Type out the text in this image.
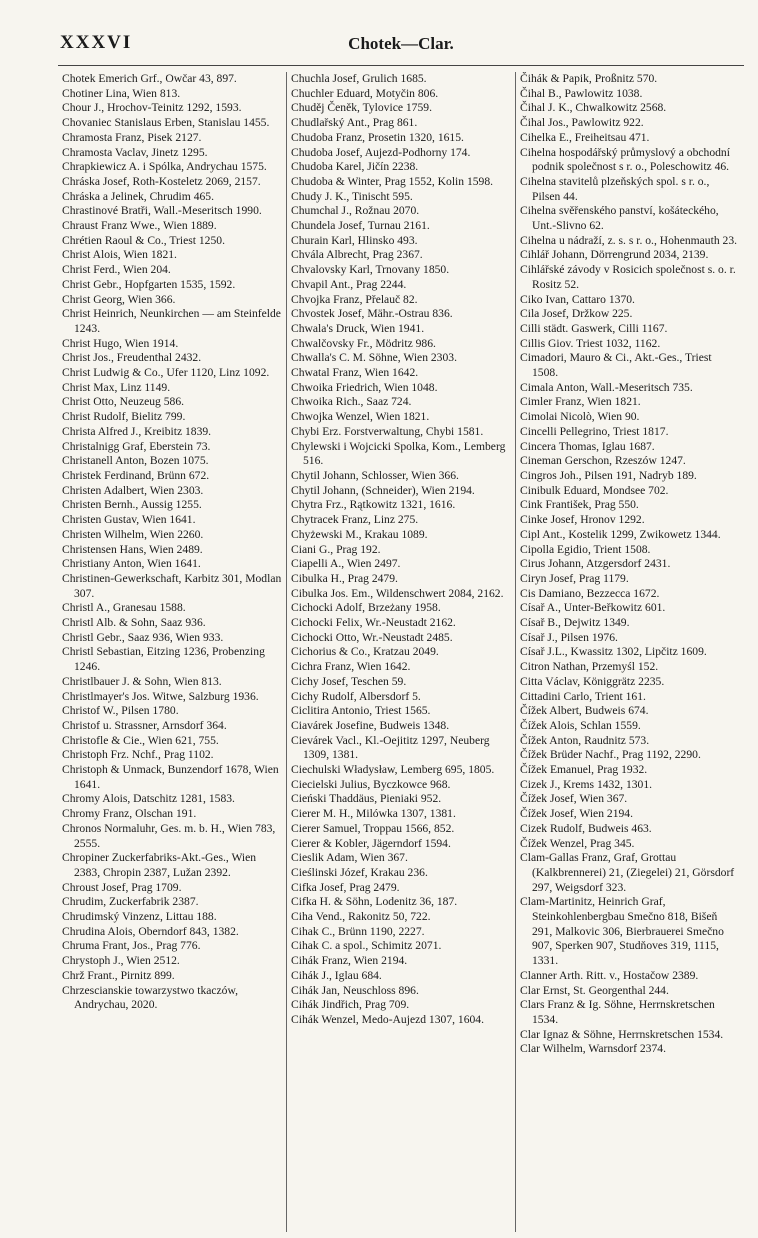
XXXVI	Chotek—Clar.

Chotek Emerich Grf., Owčar 43, 897.

Chotiner Lina, Wien 813.

Chour J., Hrochov-Teinitz 1292, 1593.

Chovaniec Stanislaus Erben, Stanislau 1455.

Chramosta Franz, Pisek 2127.

Chramosta Vaclav, Jinetz 1295.

Chrapkiewicz A. i Spólka, Andrychau 1575.

Chráska Josef, Roth-Kosteletz 2069, 2157.

Chráska a Jelinek, Chrudim 465.

Chrastinové Bratři, Wall.-Meseritsch 1990.

Chraust Franz Wwe., Wien 1889.

Chrétien Raoul & Co., Triest 1250.

Christ Alois, Wien 1821.

Christ Ferd., Wien 204.

Christ Gebr., Hopfgarten 1535, 1592.

Christ Georg, Wien 366.

Christ Heinrich, Neunkirchen — am Steinfelde 1243.

Christ Hugo, Wien 1914.

Christ Jos., Freudenthal 2432.

Christ Ludwig & Co., Ufer 1120, Linz 1092.

Christ Max, Linz 1149.

Christ Otto, Neuzeug 586.

Christ Rudolf, Bielitz 799.

Christa Alfred J., Kreibitz 1839.

Christalnigg Graf, Eberstein 73.

Christanell Anton, Bozen 1075.

Christek Ferdinand, Brünn 672.

Christen Adalbert, Wien 2303.

Christen Bernh., Aussig 1255.

Christen Gustav, Wien 1641.

Christen Wilhelm, Wien 2260.

Christensen Hans, Wien 2489.

Christiany Anton, Wien 1641.

Christinen-Gewerkschaft, Karbitz 301, Modlan 307.

Christl A., Granesau 1588.

Christl Alb. & Sohn, Saaz 936.

Christl Gebr., Saaz 936, Wien 933.

Christl Sebastian, Eitzing 1236, Probenzing 1246.

Christlbauer J. & Sohn, Wien 813.

Christlmayer's Jos. Witwe, Salzburg 1936.

Christof W., Pilsen 1780.

Christof u. Strassner, Arnsdorf 364.

Christofle & Cie., Wien 621, 755.

Christoph Frz. Nchf., Prag 1102.

Christoph & Unmack, Bunzendorf 1678, Wien 1641.

Chromy Alois, Datschitz 1281, 1583.

Chromy Franz, Olschan 191.

Chronos Normaluhr, Ges. m. b. H., Wien 783, 2555.

Chropiner Zuckerfabriks-Akt.-Ges., Wien 2383, Chropin 2387, Lužan 2392.

Chroust Josef, Prag 1709.

Chrudim, Zuckerfabrik 2387.

Chrudimský Vinzenz, Littau 188.

Chrudina Alois, Oberndorf 843, 1382.

Chruma Frant, Jos., Prag 776.

Chrystoph J., Wien 2512.

Chrž Frant., Pirnitz 899.

Chrzescianskie towarzystwo tkaczów, Andrychau, 2020.

Chuchla Josef, Grulich 1685.

Chuchler Eduard, Motyčin 806.

Chuděj Čeněk, Tylovice 1759.

Chudlařský Ant., Prag 861.

Chudoba Franz, Prosetin 1320, 1615.

Chudoba Josef, Aujezd-Podhorny 174.

Chudoba Karel, Jičín 2238.

Chudoba & Winter, Prag 1552, Kolin 1598.

Chudy J. K., Tinischt 595.

Chumchal J., Rožnau 2070.

Chundela Josef, Turnau 2161.

Churain Karl, Hlinsko 493.

Chvála Albrecht, Prag 2367.

Chvalovsky Karl, Trnovany 1850.

Chvapil Ant., Prag 2244.

Chvojka Franz, Přelauč 82.

Chvostek Josef, Mähr.-Ostrau 836.

Chwala's Druck, Wien 1941.

Chwalčovsky Fr., Mödritz 986.

Chwalla's C. M. Söhne, Wien 2303.

Chwatal Franz, Wien 1642.

Chwoika Friedrich, Wien 1048.

Chwoika Rich., Saaz 724.

Chwojka Wenzel, Wien 1821.

Chybi Erz. Forstverwaltung, Chybi 1581.

Chylewski i Wojcicki Spolka, Kom., Lemberg 516.

Chytil Johann, Schlosser, Wien 366.

Chytil Johann, (Schneider), Wien 2194.

Chytra Frz., Rątkowitz 1321, 1616.

Chytracek Franz, Linz 275.

Chyżewski M., Krakau 1089.

Ciani G., Prag 192.

Ciapelli A., Wien 2497.

Cibulka H., Prag 2479.

Cibulka Jos. Em., Wildenschwert 2084, 2162.

Cichocki Adolf, Brzeżany 1958.

Cichocki Felix, Wr.-Neustadt 2162.

Cichocki Otto, Wr.-Neustadt 2485.

Cichorius & Co., Kratzau 2049.

Cichra Franz, Wien 1642.

Cichy Josef, Teschen 59.

Cichy Rudolf, Albersdorf 5.

Ciclitira Antonio, Triest 1565.

Ciavárek Josefine, Budweis 1348.

Cievárek Vacl., Kl.-Oejititz 1297, Neuberg 1309, 1381.

Ciechulski Władysław, Lemberg 695, 1805.

Ciecielski Julius, Byczkowce 968.

Cieński Thaddäus, Pieniaki 952.

Cierer M. H., Milówka 1307, 1381.

Cierer Samuel, Troppau 1566, 852.

Cierer & Kobler, Jägerndorf 1594.

Cieslik Adam, Wien 367.

Cieślinski Józef, Krakau 236.

Cifka Josef, Prag 2479.

Cifka H. & Söhn, Lodenitz 36, 187.

Ciha Vend., Rakonitz 50, 722.

Cihak C., Brünn 1190, 2227.

Cihak C. a spol., Schimitz 2071.

Cihák Franz, Wien 2194.

Cihák J., Iglau 684.

Cihák Jan, Neuschloss 896.

Cihák Jindřich, Prag 709.

Cihák Wenzel, Medo-Aujezd 1307, 1604.

Čihák & Papik, Proßnitz 570.

Čihal B., Pawlowitz 1038.

Čihal J. K., Chwalkowitz 2568.

Čihal Jos., Pawlowitz 922.

Cihelka E., Freiheitsau 471.

Cihelna hospodářský průmyslový a obchodní podnik společnost s r. o., Poleschowitz 46.

Cihelna stavitelů plzeňských spol. s r. o., Pilsen 44.

Cihelna svěřenského panství, košáteckého, Unt.-Slivno 62.

Cihelna u nádraží, z. s. s r. o., Hohenmauth 23.

Cihlář Johann, Dörrengrund 2034, 2139.

Cihlářské závody v Rosicich společnost s. o. r. Rositz 52.

Ciko Ivan, Cattaro 1370.

Cila Josef, Držkow 225.

Cilli städt. Gaswerk, Cilli 1167.

Cillis Giov. Triest 1032, 1162.

Cimadori, Mauro & Ci., Akt.-Ges., Triest 1508.

Cimala Anton, Wall.-Meseritsch 735.

Cimler Franz, Wien 1821.

Cimolai Nicolò, Wien 90.

Cincelli Pellegrino, Triest 1817.

Cincera Thomas, Iglau 1687.

Cineman Gerschon, Rzeszów 1247.

Cingros Joh., Pilsen 191, Nadryb 189.

Cinibulk Eduard, Mondsee 702.

Cink František, Prag 550.

Cinke Josef, Hronov 1292.

Cipl Ant., Kostelik 1299, Zwikowetz 1344.

Cipolla Egidio, Trient 1508.

Cirus Johann, Atzgersdorf 2431.

Ciryn Josef, Prag 1179.

Cis Damiano, Bezzecca 1672.

Císař A., Unter-Beřkowitz 601.

Císař B., Dejwitz 1349.

Císař J., Pilsen 1976.

Císař J.L., Kwassitz 1302, Lipčitz 1609.

Citron Nathan, Przemyśl 152.

Citta Václav, Königgrätz 2235.

Cittadini Carlo, Trient 161.

Čížek Albert, Budweis 674.

Čížek Alois, Schlan 1559.

Čížek Anton, Raudnitz 573.

Čížek Brüder Nachf., Prag 1192, 2290.

Čížek Emanuel, Prag 1932.

Cizek J., Krems 1432, 1301.

Čížek Josef, Wien 367.

Čížek Josef, Wien 2194.

Cizek Rudolf, Budweis 463.

Čížek Wenzel, Prag 345.

Clam-Gallas Franz, Graf, Grottau (Kalkbrennerei) 21, (Ziegelei) 21, Görsdorf 297, Weigsdorf 323.

Clam-Martinitz, Heinrich Graf, Steinkohlenbergbau Smečno 818, Bišeň 291, Malkovic 306, Bierbrauerei Smečno 907, Sperken 907, Studňoves 319, 1115, 1331.

Clanner Arth. Ritt. v., Hostačow 2389.

Clar Ernst, St. Georgenthal 244.

Clars Franz & Ig. Söhne, Herrnskretschen 1534.

Clar Ignaz & Söhne, Herrnskretschen 1534.

Clar Wilhelm, Warnsdorf 2374.
